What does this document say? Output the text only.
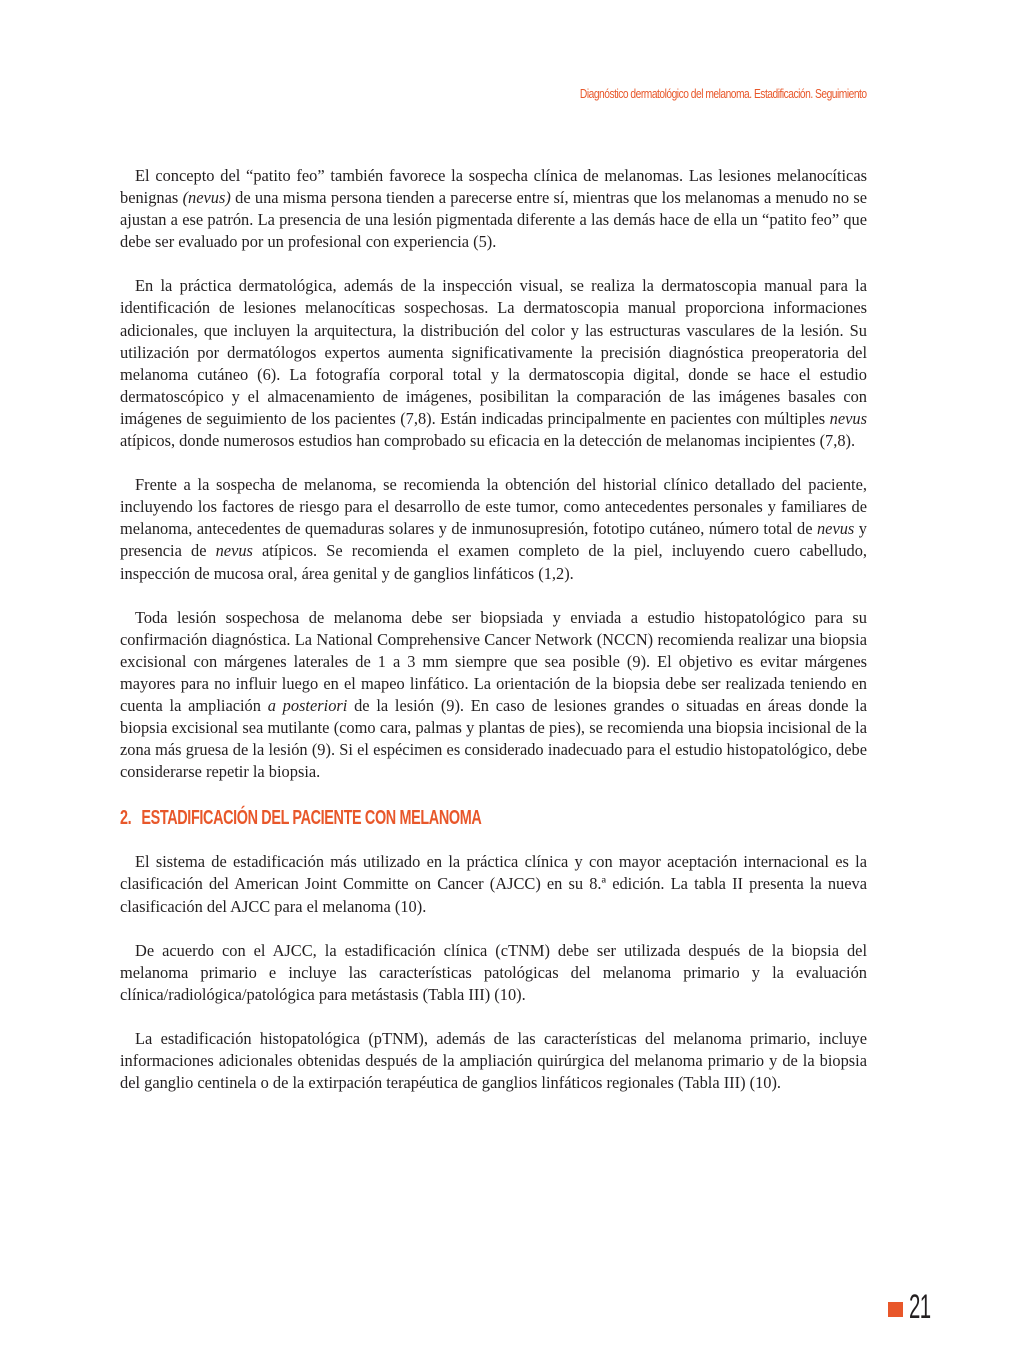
Diagnóstico dermatológico del melanoma. Estadificación. Seguimiento

El concepto del “patito feo” también favorece la sospecha clínica de melanomas. Las lesiones melanocíticas benignas (nevus) de una misma persona tienden a parecerse entre sí, mientras que los melanomas a menudo no se ajustan a ese patrón. La presencia de una lesión pigmentada diferente a las demás hace de ella un “patito feo” que debe ser evaluado por un profesional con experiencia (5).

En la práctica dermatológica, además de la inspección visual, se realiza la dermatoscopia manual para la identificación de lesiones melanocíticas sospechosas. La dermatoscopia manual proporciona informaciones adicionales, que incluyen la arquitectura, la distribución del color y las estructuras vasculares de la lesión. Su utilización por dermatólogos expertos aumenta significativamente la precisión diagnóstica preoperatoria del melanoma cutáneo (6). La fotografía corporal total y la dermatoscopia digital, donde se hace el estudio dermatoscópico y el almacenamiento de imágenes, posibilitan la comparación de las imágenes basales con imágenes de seguimiento de los pacientes (7,8). Están indicadas principalmente en pacientes con múltiples nevus atípicos, donde numerosos estudios han comprobado su eficacia en la detección de melanomas incipientes (7,8).

Frente a la sospecha de melanoma, se recomienda la obtención del historial clínico detallado del paciente, incluyendo los factores de riesgo para el desarrollo de este tumor, como antecedentes personales y familiares de melanoma, antecedentes de quemaduras solares y de inmunosupresión, fototipo cutáneo, número total de nevus y presencia de nevus atípicos. Se recomienda el examen completo de la piel, incluyendo cuero cabelludo, inspección de mucosa oral, área genital y de ganglios linfáticos (1,2).

Toda lesión sospechosa de melanoma debe ser biopsiada y enviada a estudio histopatológico para su confirmación diagnóstica. La National Comprehensive Cancer Network (NCCN) recomienda realizar una biopsia excisional con márgenes laterales de 1 a 3 mm siempre que sea posible (9). El objetivo es evitar márgenes mayores para no influir luego en el mapeo linfático. La orientación de la biopsia debe ser realizada teniendo en cuenta la ampliación a posteriori de la lesión (9). En caso de lesiones grandes o situadas en áreas donde la biopsia excisional sea mutilante (como cara, palmas y plantas de pies), se recomienda una biopsia incisional de la zona más gruesa de la lesión (9). Si el espécimen es considerado inadecuado para el estudio histopatológico, debe considerarse repetir la biopsia.

2. ESTADIFICACIÓN DEL PACIENTE CON MELANOMA

El sistema de estadificación más utilizado en la práctica clínica y con mayor aceptación internacional es la clasificación del American Joint Committe on Cancer (AJCC) en su 8.ª edición. La tabla II presenta la nueva clasificación del AJCC para el melanoma (10).

De acuerdo con el AJCC, la estadificación clínica (cTNM) debe ser utilizada después de la biopsia del melanoma primario e incluye las características patológicas del melanoma primario y la evaluación clínica/radiológica/patológica para metástasis (Tabla III) (10).

La estadificación histopatológica (pTNM), además de las características del melanoma primario, incluye informaciones adicionales obtenidas después de la ampliación quirúrgica del melanoma primario y de la biopsia del ganglio centinela o de la extirpación terapéutica de ganglios linfáticos regionales (Tabla III) (10).

21
